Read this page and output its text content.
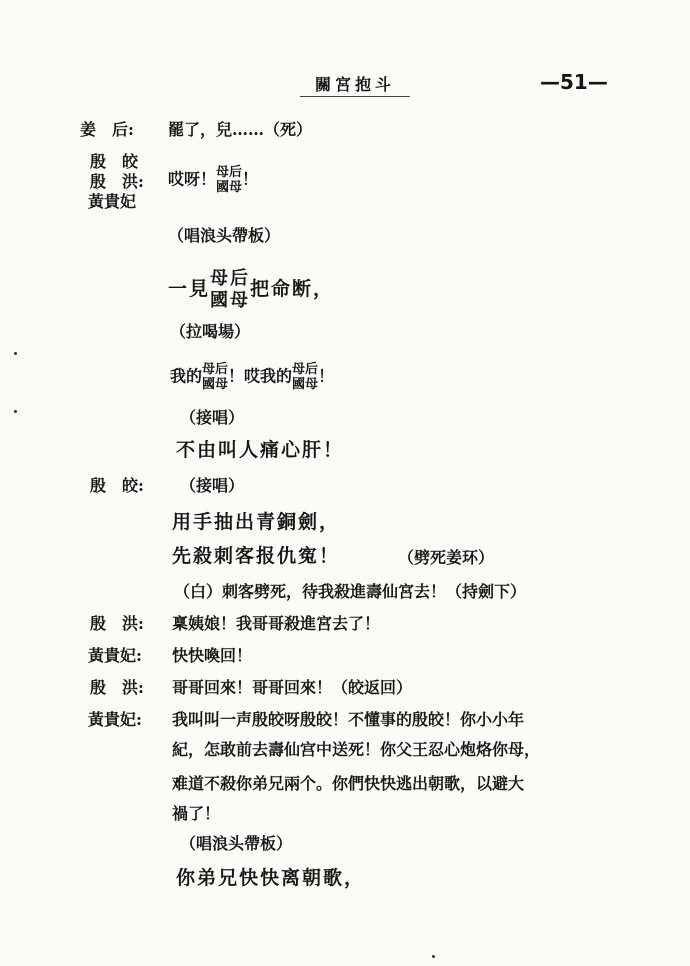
關宮抱斗	—51—
姜　后: 罷了，兒……（死）
殷　皎
殷　洪:
黃貴妃
哎呀！ 母后
國母 ！
（唱浪头帶板）
一見 母后
國母
把命断，
（拉喝場）
我的 母后
國母 ！哎我的 母后
國母 ！
（接唱）
不由叫人痛心肝！
殷　皎: （接唱）
用手抽出青銅劍，
先殺刺客报仇寃！	（劈死姜环）
（白）刺客劈死，待我殺進壽仙宮去！（持劍下）
殷　洪: 稟姨娘！我哥哥殺進宮去了！
黃貴妃: 快快喚回！
殷　洪: 哥哥回來！哥哥回來！（皎返回）
黃貴妃: 我叫叫一声殷皎呀殷皎！不懂事的殷皎！你小小年
紀，怎敢前去壽仙宫中送死！你父王忍心炮烙你母，
难道不殺你弟兄兩个。你們快快逃出朝歌，以避大
禍了！
（唱浪头帶板）
你弟兄快快离朝歌，
